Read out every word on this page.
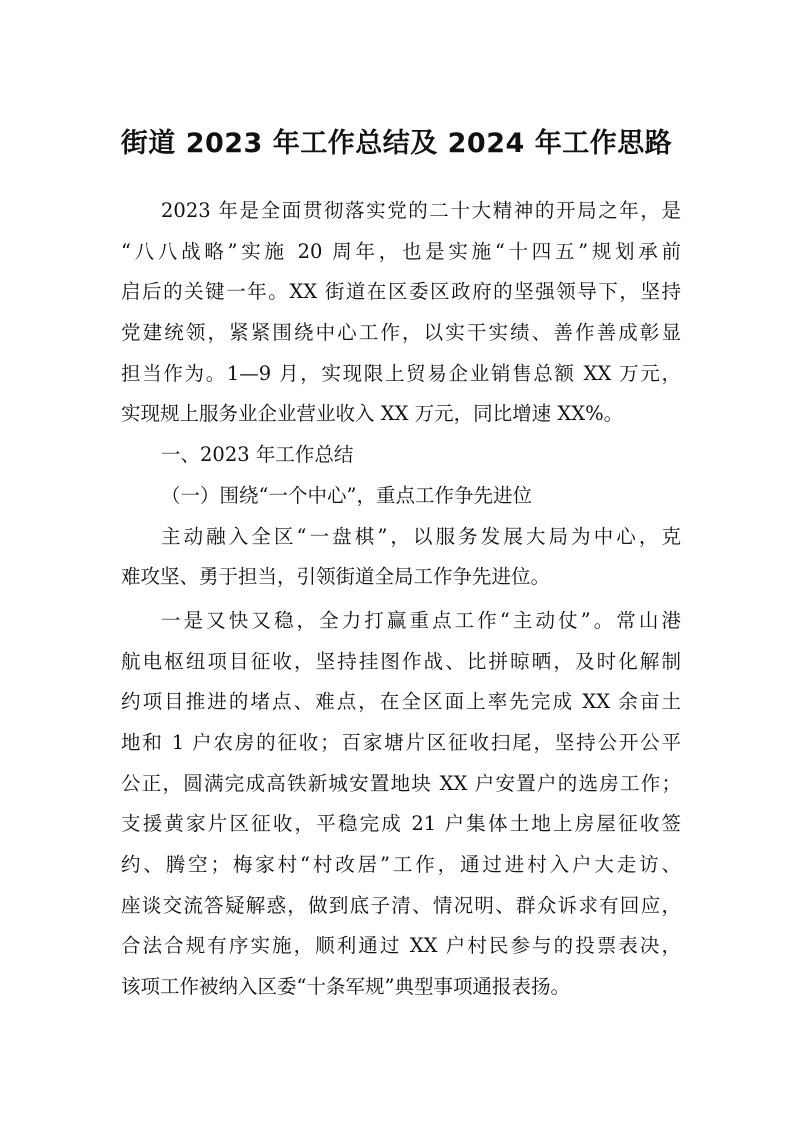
街道 2023 年工作总结及 2024 年工作思路
2023 年是全面贯彻落实党的二十大精神的开局之年，是
“八八战略”实施 20 周年，也是实施“十四五”规划承前
启后的关键一年。XX 街道在区委区政府的坚强领导下，坚持
党建统领，紧紧围绕中心工作，以实干实绩、善作善成彰显
担当作为。1—9 月，实现限上贸易企业销售总额 XX 万元，
实现规上服务业企业营业收入 XX 万元，同比增速 XX%。
一、2023 年工作总结
（一）围绕“一个中心”，重点工作争先进位
主动融入全区“一盘棋”，以服务发展大局为中心，克
难攻坚、勇于担当，引领街道全局工作争先进位。
一是又快又稳，全力打赢重点工作“主动仗”。常山港
航电枢纽项目征收，坚持挂图作战、比拼晾晒，及时化解制
约项目推进的堵点、难点，在全区面上率先完成 XX 余亩土
地和 1 户农房的征收；百家塘片区征收扫尾，坚持公开公平
公正，圆满完成高铁新城安置地块 XX 户安置户的选房工作；
支援黄家片区征收，平稳完成 21 户集体土地上房屋征收签
约、腾空；梅家村“村改居”工作，通过进村入户大走访、
座谈交流答疑解惑，做到底子清、情况明、群众诉求有回应，
合法合规有序实施，顺利通过 XX 户村民参与的投票表决，
该项工作被纳入区委“十条军规”典型事项通报表扬。
